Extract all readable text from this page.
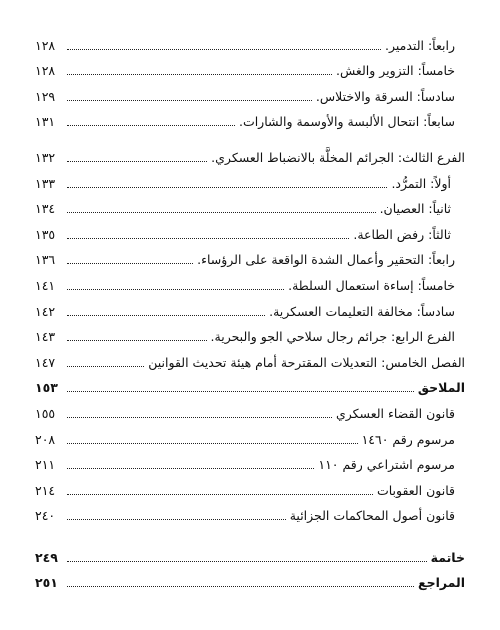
رابعاً: التدمير.
١٢٨
خامساً: التزوير والغش.
١٢٨
سادساً: السرقة والاختلاس.
١٢٩
سابعاً: انتحال الألبسة والأوسمة والشارات.
١٣١
الفرع الثالث: الجرائم المخلَّة بالانضباط العسكري.
١٣٢
أولاً: التمرُّد.
١٣٣
ثانياً: العصيان.
١٣٤
ثالثاً: رفض الطاعة.
١٣٥
رابعاً: التحقير وأعمال الشدة الواقعة على الرؤساء.
١٣٦
خامساً: إساءة استعمال السلطة.
١٤١
سادساً: مخالفة التعليمات العسكرية.
١٤٢
الفرع الرابع: جرائم رجال سلاحي الجو والبحرية.
١٤٣
الفصل الخامس: التعديلات المقترحة أمام هيئة تحديث القوانين
١٤٧
الملاحق
١٥٣
قانون القضاء العسكري
١٥٥
مرسوم رقم ١٤٦٠
٢٠٨
مرسوم اشتراعي رقم ١١٠
٢١١
قانون العقوبات
٢١٤
قانون أصول المحاكمات الجزائية
٢٤٠
خاتمة
٢٤٩
المراجع
٢٥١
